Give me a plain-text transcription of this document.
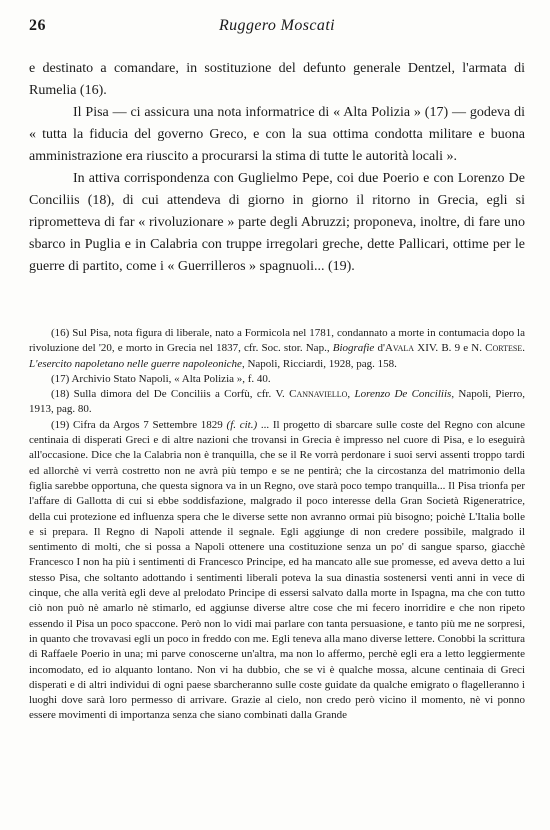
26	Ruggero Moscati

e destinato a comandare, in sostituzione del defunto generale Dentzel, l'armata di Rumelia (16).

Il Pisa — ci assicura una nota informatrice di « Alta Polizia » (17) — godeva di « tutta la fiducia del governo Greco, e con la sua ottima condotta militare e buona amministrazione era riuscito a procurarsi la stima di tutte le autorità locali ».

In attiva corrispondenza con Guglielmo Pepe, coi due Poerio e con Lorenzo De Conciliis (18), di cui attendeva di giorno in giorno il ritorno in Grecia, egli si riprometteva di far « rivoluzionare » parte degli Abruzzi; proponeva, inoltre, di fare uno sbarco in Puglia e in Calabria con truppe irregolari greche, dette Pallicari, ottime per le guerre di partito, come i « Guerrilleros » spagnuoli... (19).

(16) Sul Pisa, nota figura di liberale, nato a Formicola nel 1781, condannato a morte in contumacia dopo la rivoluzione del '20, e morto in Grecia nel 1837, cfr. Soc. stor. Nap., Biografie d'Avala XIV. B. 9 e N. Cortese. L'esercito napoletano nelle guerre napoleoniche, Napoli, Ricciardi, 1928, pag. 158.

(17) Archivio Stato Napoli, « Alta Polizia », f. 40.

(18) Sulla dimora del De Conciliis a Corfù, cfr. V. Cannaviello, Lorenzo De Conciliis, Napoli, Pierro, 1913, pag. 80.

(19) Cifra da Argos 7 Settembre 1829 (f. cit.) ... Il progetto di sbarcare sulle coste del Regno con alcune centinaia di disperati Greci e di altre nazioni che trovansi in Grecia è impresso nel cuore di Pisa, e lo eseguirà all'occasione. Dice che la Calabria non è tranquilla, che se il Re vorrà perdonare i suoi servi assenti troppo tardi ed allorchè vi verrà costretto non ne avrà più tempo e se ne pentirà; che la circostanza del matrimonio della figlia sarebbe opportuna, che questa signora va in un Regno, ove starà poco tempo tranquilla... Il Pisa trionfa per l'affare di Gallotta di cui si ebbe soddisfazione, malgrado il poco interesse della Gran Società Rigeneratrice, della cui protezione ed influenza spera che le diverse sette non avranno ormai più bisogno; poichè L'Italia bolle e si prepara. Il Regno di Napoli attende il segnale. Egli aggiunge di non credere possibile, malgrado il sentimento di molti, che si possa a Napoli ottenere una costituzione senza un po' di sangue sparso, giacchè Francesco I non ha più i sentimenti di Francesco Principe, ed ha mancato alle sue promesse, ed aveva detto a lui stesso Pisa, che soltanto adottando i sentimenti liberali poteva la sua dinastia sostenersi venti anni in vece di cinque, che alla verità egli deve al prelodato Principe di essersi salvato dalla morte in Ispagna, ma che con tutto ciò non può nè amarlo nè stimarlo, ed aggiunse diverse altre cose che mi fecero inorridire e che non ripeto essendo il Pisa un poco spaccone. Però non lo vidi mai parlare con tanta persuasione, e tanto più me ne sorpresi, in quanto che trovavasi egli un poco in freddo con me. Egli teneva alla mano diverse lettere. Conobbi la scrittura di Raffaele Poerio in una; mi parve conoscerne un'altra, ma non lo affermo, perchè egli era a letto leggiermente incomodato, ed io alquanto lontano. Non vi ha dubbio, che se vi è qualche mossa, alcune centinaia di Greci disperati e di altri individui di ogni paese sbarcheranno sulle coste guidate da qualche emigrato o flagelleranno i luoghi dove sarà loro permesso di arrivare. Grazie al cielo, non credo però vicino il momento, nè vi ponno essere movimenti di importanza senza che siano combinati dalla Grande
